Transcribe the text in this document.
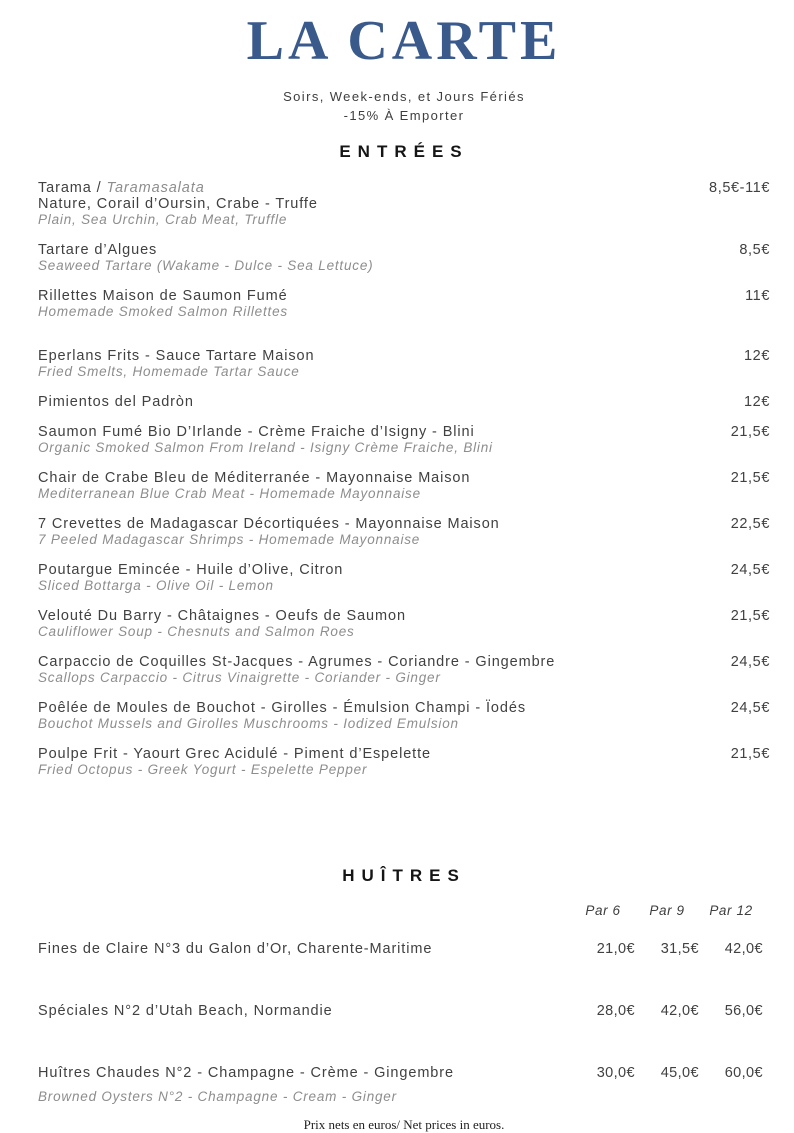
LA CARTE

Soirs, Week-ends, et Jours Fériés

-15% À Emporter

ENTRÉES
Tarama / Taramasalata
Nature, Corail d’Oursin, Crabe - Truffe
Plain, Sea Urchin, Crab Meat, Truffle
8,5€-11€
Tartare d’Algues
Seaweed Tartare (Wakame - Dulce - Sea Lettuce)
8,5€
Rillettes Maison de Saumon Fumé
Homemade Smoked Salmon Rillettes
11€
Eperlans Frits - Sauce Tartare Maison
Fried Smelts, Homemade Tartar Sauce
12€
Pimientos del Padròn	12€
Saumon Fumé Bio D’Irlande - Crème Fraiche d’Isigny - Blini
Organic Smoked Salmon From Ireland - Isigny Crème Fraiche, Blini
21,5€
Chair de Crabe Bleu de Méditerranée - Mayonnaise Maison
Mediterranean Blue Crab Meat - Homemade Mayonnaise
21,5€
7 Crevettes de Madagascar Décortiquées - Mayonnaise Maison
7 Peeled Madagascar Shrimps - Homemade Mayonnaise
22,5€
Poutargue Emincée - Huile d’Olive, Citron
Sliced Bottarga - Olive Oil - Lemon
24,5€
Velouté Du Barry - Châtaignes - Oeufs de Saumon
Cauliflower Soup - Chesnuts and Salmon Roes
21,5€
Carpaccio de Coquilles St-Jacques - Agrumes - Coriandre - Gingembre
Scallops Carpaccio - Citrus Vinaigrette - Coriander - Ginger
24,5€
Poêlée de Moules de Bouchot - Girolles - Émulsion Champi - Ïodés
Bouchot Mussels and Girolles Muschrooms - Iodized Emulsion
24,5€
Poulpe Frit - Yaourt Grec Acidulé - Piment d’Espelette
Fried Octopus - Greek Yogurt - Espelette Pepper
21,5€
HUÎTRES
Par 6	Par 9	Par 12
Fines de Claire N°3 du Galon d’Or, Charente-Maritime	21,0€	31,5€	42,0€
Spéciales N°2 d’Utah Beach, Normandie	28,0€	42,0€	56,0€
Huîtres Chaudes N°2 - Champagne - Crème - Gingembre
Browned Oysters N°2 - Champagne - Cream - Ginger
30,0€	45,0€	60,0€

Prix nets en euros/ Net prices in euros.
